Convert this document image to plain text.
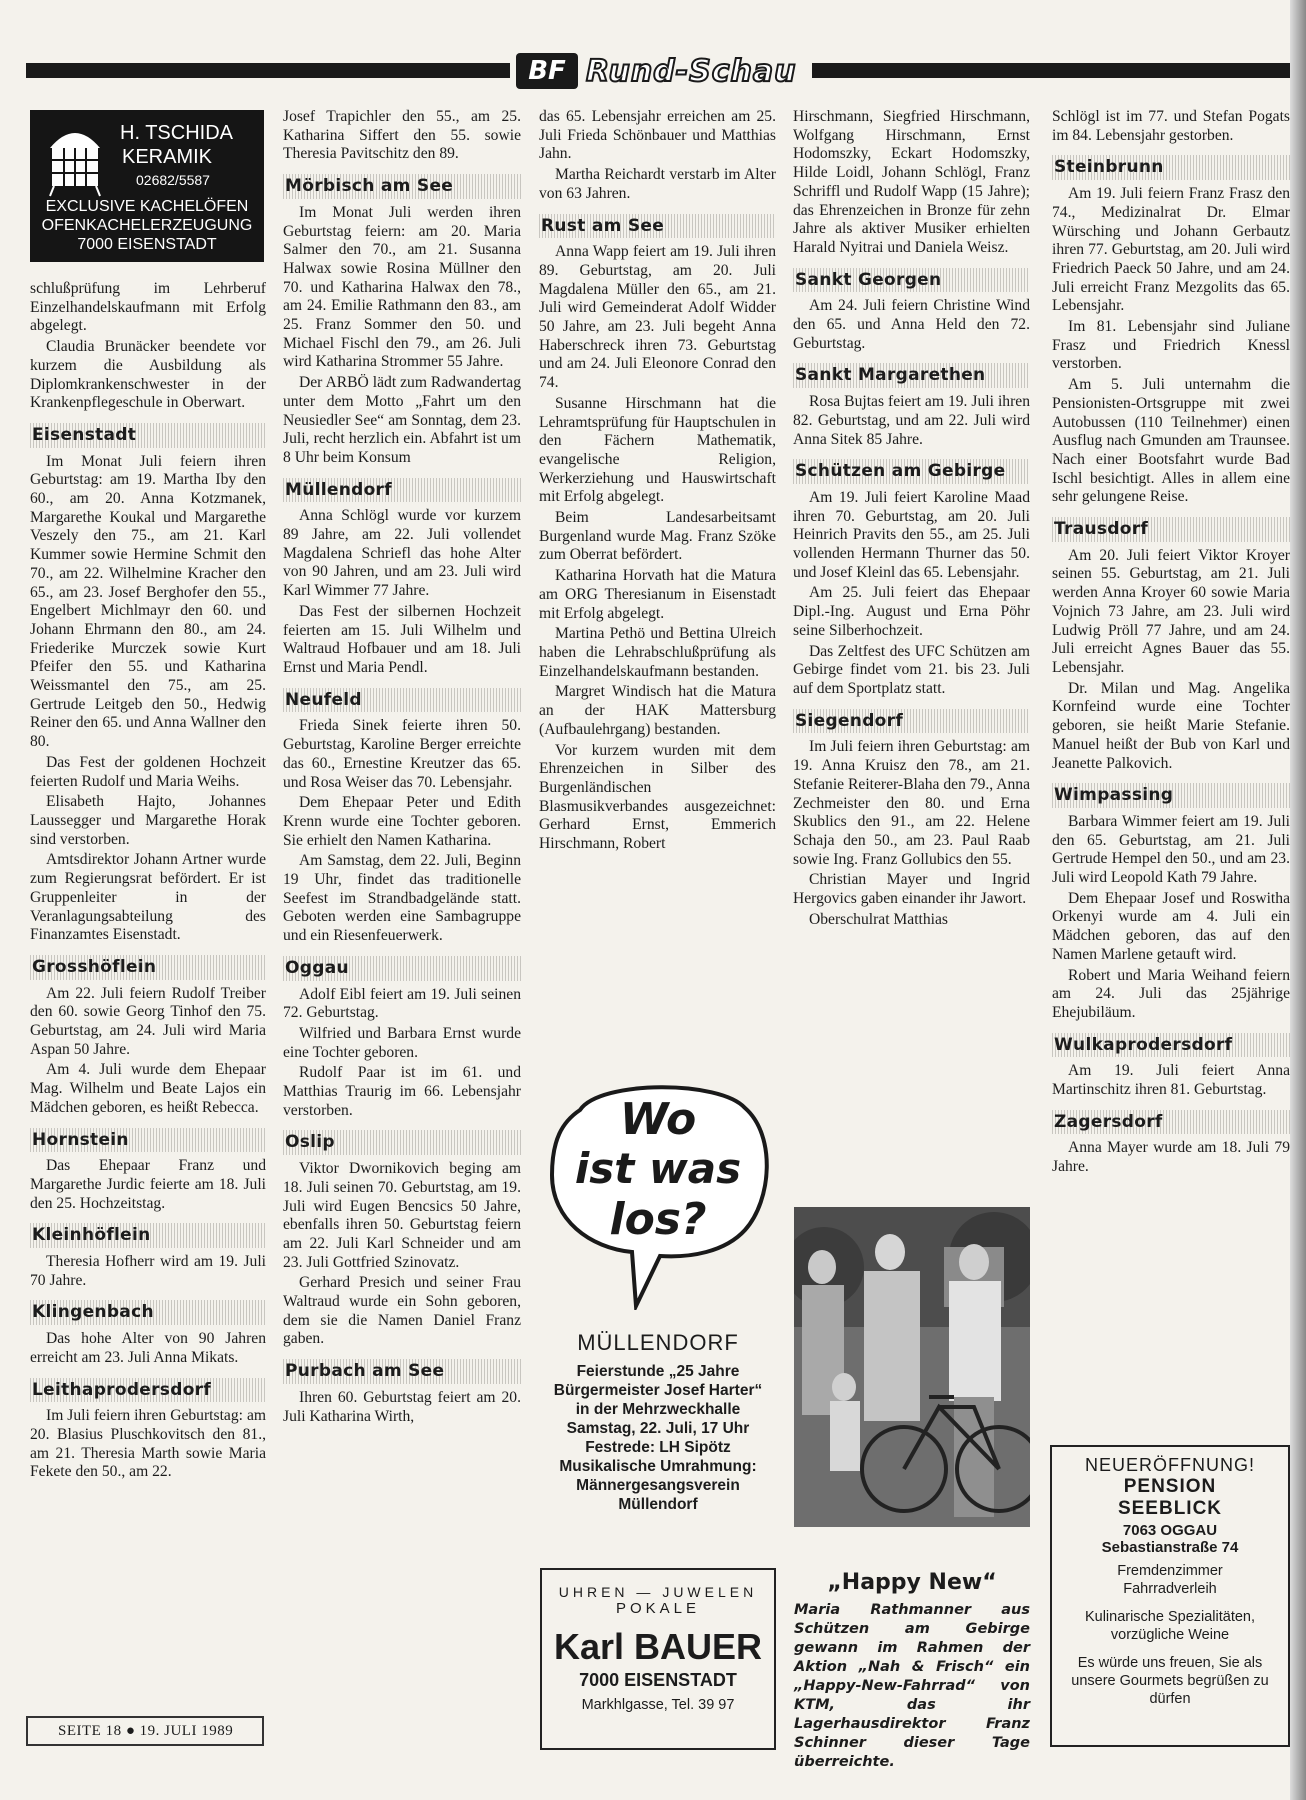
BF Rund-Schau
H. TSCHIDA
KERAMIK
02682/5587
EXCLUSIVE KACHELÖFEN
OFENKACHELERZEUGUNG
7000 EISENSTADT

schlußprüfung im Lehrberuf Einzelhandelskaufmann mit Erfolg abgelegt.

Claudia Brunäcker beendete vor kurzem die Ausbildung als Diplomkrankenschwester in der Krankenpflegeschule in Oberwart.

Eisenstadt

Im Monat Juli feiern ihren Geburtstag: am 19. Martha Iby den 60., am 20. Anna Kotzmanek, Margarethe Koukal und Margarethe Veszely den 75., am 21. Karl Kummer sowie Hermine Schmit den 70., am 22. Wilhelmine Kracher den 65., am 23. Josef Berghofer den 55., Engelbert Michlmayr den 60. und Johann Ehrmann den 80., am 24. Friederike Murczek sowie Kurt Pfeifer den 55. und Katharina Weissmantel den 75., am 25. Gertrude Leitgeb den 50., Hedwig Reiner den 65. und Anna Wallner den 80.

Das Fest der goldenen Hochzeit feierten Rudolf und Maria Weihs.

Elisabeth Hajto, Johannes Laussegger und Margarethe Horak sind verstorben.

Amtsdirektor Johann Artner wurde zum Regierungsrat befördert. Er ist Gruppenleiter in der Veranlagungsabteilung des Finanzamtes Eisenstadt.

Grosshöflein

Am 22. Juli feiern Rudolf Treiber den 60. sowie Georg Tinhof den 75. Geburtstag, am 24. Juli wird Maria Aspan 50 Jahre.

Am 4. Juli wurde dem Ehepaar Mag. Wilhelm und Beate Lajos ein Mädchen geboren, es heißt Rebecca.

Hornstein

Das Ehepaar Franz und Margarethe Jurdic feierte am 18. Juli den 25. Hochzeitstag.

Kleinhöflein

Theresia Hofherr wird am 19. Juli 70 Jahre.

Klingenbach

Das hohe Alter von 90 Jahren erreicht am 23. Juli Anna Mikats.

Leithaprodersdorf

Im Juli feiern ihren Geburtstag: am 20. Blasius Pluschkovitsch den 81., am 21. Theresia Marth sowie Maria Fekete den 50., am 22.

Josef Trapichler den 55., am 25. Katharina Siffert den 55. sowie Theresia Pavitschitz den 89.

Mörbisch am See

Im Monat Juli werden ihren Geburtstag feiern: am 20. Maria Salmer den 70., am 21. Susanna Halwax sowie Rosina Müllner den 70. und Katharina Halwax den 78., am 24. Emilie Rathmann den 83., am 25. Franz Sommer den 50. und Michael Fischl den 79., am 26. Juli wird Katharina Strommer 55 Jahre.

Der ARBÖ lädt zum Radwandertag unter dem Motto „Fahrt um den Neusiedler See“ am Sonntag, dem 23. Juli, recht herzlich ein. Abfahrt ist um 8 Uhr beim Konsum

Müllendorf

Anna Schlögl wurde vor kurzem 89 Jahre, am 22. Juli vollendet Magdalena Schriefl das hohe Alter von 90 Jahren, und am 23. Juli wird Karl Wimmer 77 Jahre.

Das Fest der silbernen Hochzeit feierten am 15. Juli Wilhelm und Waltraud Hofbauer und am 18. Juli Ernst und Maria Pendl.

Neufeld

Frieda Sinek feierte ihren 50. Geburtstag, Karoline Berger erreichte das 60., Ernestine Kreutzer das 65. und Rosa Weiser das 70. Lebensjahr.

Dem Ehepaar Peter und Edith Krenn wurde eine Tochter geboren. Sie erhielt den Namen Katharina.

Am Samstag, dem 22. Juli, Beginn 19 Uhr, findet das traditionelle Seefest im Strandbadgelände statt. Geboten werden eine Sambagruppe und ein Riesenfeuerwerk.

Oggau

Adolf Eibl feiert am 19. Juli seinen 72. Geburtstag.

Wilfried und Barbara Ernst wurde eine Tochter geboren.

Rudolf Paar ist im 61. und Matthias Traurig im 66. Lebensjahr verstorben.

Oslip

Viktor Dwornikovich beging am 18. Juli seinen 70. Geburtstag, am 19. Juli wird Eugen Bencsics 50 Jahre, ebenfalls ihren 50. Geburtstag feiern am 22. Juli Karl Schneider und am 23. Juli Gottfried Szinovatz.

Gerhard Presich und seiner Frau Waltraud wurde ein Sohn geboren, dem sie die Namen Daniel Franz gaben.

Purbach am See

Ihren 60. Geburtstag feiert am 20. Juli Katharina Wirth,

das 65. Lebensjahr erreichen am 25. Juli Frieda Schönbauer und Matthias Jahn.

Martha Reichardt verstarb im Alter von 63 Jahren.

Rust am See

Anna Wapp feiert am 19. Juli ihren 89. Geburtstag, am 20. Juli Magdalena Müller den 65., am 21. Juli wird Gemeinderat Adolf Widder 50 Jahre, am 23. Juli begeht Anna Haberschreck ihren 73. Geburtstag und am 24. Juli Eleonore Conrad den 74.

Susanne Hirschmann hat die Lehramtsprüfung für Hauptschulen in den Fächern Mathematik, evangelische Religion, Werkerziehung und Hauswirtschaft mit Erfolg abgelegt.

Beim Landesarbeitsamt Burgenland wurde Mag. Franz Szöke zum Oberrat befördert.

Katharina Horvath hat die Matura am ORG Theresianum in Eisenstadt mit Erfolg abgelegt.

Martina Pethö und Bettina Ulreich haben die Lehrabschlußprüfung als Einzelhandelskaufmann bestanden.

Margret Windisch hat die Matura an der HAK Mattersburg (Aufbaulehrgang) bestanden.

Vor kurzem wurden mit dem Ehrenzeichen in Silber des Burgenländischen Blasmusikverbandes ausgezeichnet: Gerhard Ernst, Emmerich Hirschmann, Robert

Wo
ist was
los?
MÜLLENDORF
Feierstunde „25 Jahre
Bürgermeister Josef Harter“
in der Mehrzweckhalle
Samstag, 22. Juli, 17 Uhr
Festrede: LH Sipötz
Musikalische Umrahmung:
Männergesangsverein
Müllendorf
UHREN — JUWELEN
POKALE
Karl BAUER
7000 EISENSTADT
Markhlgasse, Tel. 39 97

Hirschmann, Siegfried Hirschmann, Wolfgang Hirschmann, Ernst Hodomszky, Eckart Hodomszky, Hilde Loidl, Johann Schlögl, Franz Schriffl und Rudolf Wapp (15 Jahre); das Ehrenzeichen in Bronze für zehn Jahre als aktiver Musiker erhielten Harald Nyitrai und Daniela Weisz.

Sankt Georgen

Am 24. Juli feiern Christine Wind den 65. und Anna Held den 72. Geburtstag.

Sankt Margarethen

Rosa Bujtas feiert am 19. Juli ihren 82. Geburtstag, und am 22. Juli wird Anna Sitek 85 Jahre.

Schützen am Gebirge

Am 19. Juli feiert Karoline Maad ihren 70. Geburtstag, am 20. Juli Heinrich Pravits den 55., am 25. Juli vollenden Hermann Thurner das 50. und Josef Kleinl das 65. Lebensjahr.

Am 25. Juli feiert das Ehepaar Dipl.-Ing. August und Erna Pöhr seine Silberhochzeit.

Das Zeltfest des UFC Schützen am Gebirge findet vom 21. bis 23. Juli auf dem Sportplatz statt.

Siegendorf

Im Juli feiern ihren Geburtstag: am 19. Anna Kruisz den 78., am 21. Stefanie Reiterer-Blaha den 79., Anna Zechmeister den 80. und Erna Skublics den 91., am 22. Helene Schaja den 50., am 23. Paul Raab sowie Ing. Franz Gollubics den 55.

Christian Mayer und Ingrid Hergovics gaben einander ihr Jawort.

Oberschulrat Matthias

„Happy New“
Maria Rathmanner aus Schützen am Gebirge gewann im Rahmen der Aktion „Nah & Frisch“ ein „Happy-New-Fahrrad“ von KTM, das ihr Lagerhausdirektor Franz Schinner dieser Tage überreichte.

Schlögl ist im 77. und Stefan Pogats im 84. Lebensjahr gestorben.

Steinbrunn

Am 19. Juli feiern Franz Frasz den 74., Medizinalrat Dr. Elmar Würsching und Johann Gerbautz ihren 77. Geburtstag, am 20. Juli wird Friedrich Paeck 50 Jahre, und am 24. Juli erreicht Franz Mezgolits das 65. Lebensjahr.

Im 81. Lebensjahr sind Juliane Frasz und Friedrich Knessl verstorben.

Am 5. Juli unternahm die Pensionisten-Ortsgruppe mit zwei Autobussen (110 Teilnehmer) einen Ausflug nach Gmunden am Traunsee. Nach einer Bootsfahrt wurde Bad Ischl besichtigt. Alles in allem eine sehr gelungene Reise.

Trausdorf

Am 20. Juli feiert Viktor Kroyer seinen 55. Geburtstag, am 21. Juli werden Anna Kroyer 60 sowie Maria Vojnich 73 Jahre, am 23. Juli wird Ludwig Pröll 77 Jahre, und am 24. Juli erreicht Agnes Bauer das 55. Lebensjahr.

Dr. Milan und Mag. Angelika Kornfeind wurde eine Tochter geboren, sie heißt Marie Stefanie. Manuel heißt der Bub von Karl und Jeanette Palkovich.

Wimpassing

Barbara Wimmer feiert am 19. Juli den 65. Geburtstag, am 21. Juli Gertrude Hempel den 50., und am 23. Juli wird Leopold Kath 79 Jahre.

Dem Ehepaar Josef und Roswitha Orkenyi wurde am 4. Juli ein Mädchen geboren, das auf den Namen Marlene getauft wird.

Robert und Maria Weihand feiern am 24. Juli das 25jährige Ehejubiläum.

Wulkaprodersdorf

Am 19. Juli feiert Anna Martinschitz ihren 81. Geburtstag.

Zagersdorf

Anna Mayer wurde am 18. Juli 79 Jahre.

NEUERÖFFNUNG!
PENSION
SEEBLICK
7063 OGGAU
Sebastianstraße 74
Fremdenzimmer
Fahrradverleih
Kulinarische Spezialitäten, vorzügliche Weine
Es würde uns freuen, Sie als unsere Gourmets begrüßen zu dürfen
SEITE 18 ● 19. JULI 1989
